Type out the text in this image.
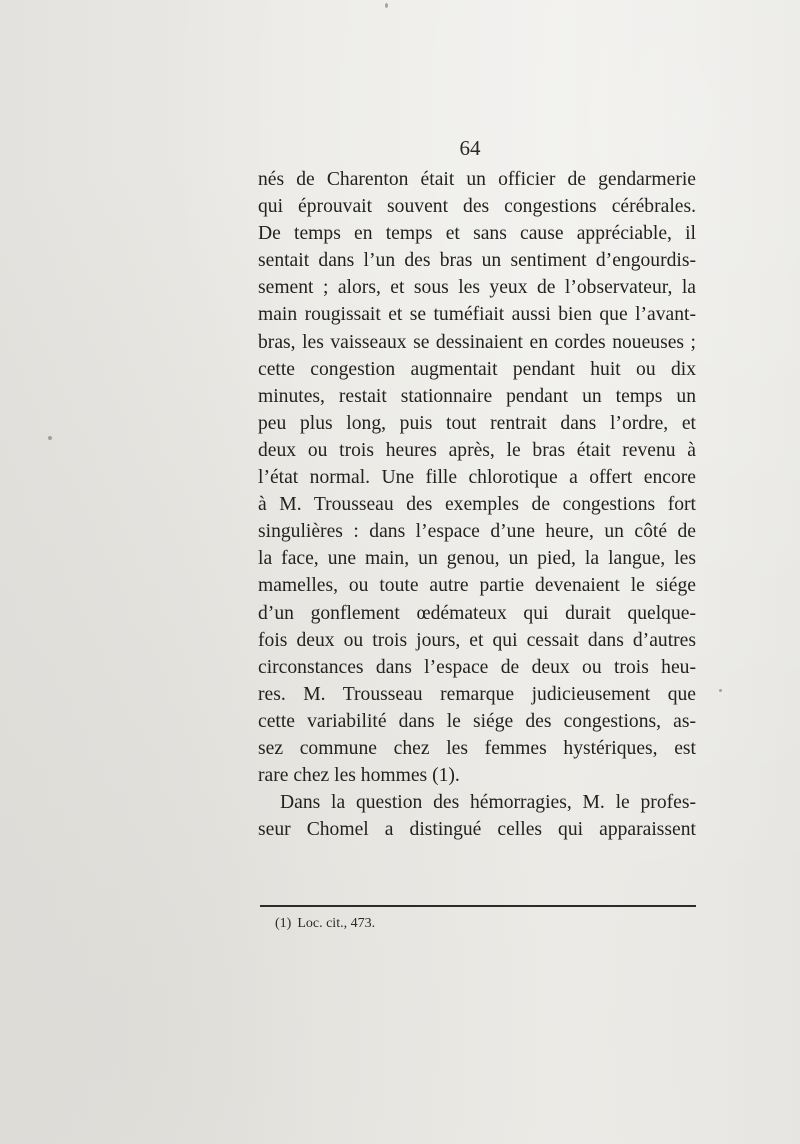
64
nés de Charenton était un officier de gendarmerie
qui éprouvait souvent des congestions cérébrales.
De temps en temps et sans cause appréciable, il
sentait dans l’un des bras un sentiment d’engourdis-
sement ; alors, et sous les yeux de l’observateur, la
main rougissait et se tuméfiait aussi bien que l’avant-
bras, les vaisseaux se dessinaient en cordes noueuses ;
cette congestion augmentait pendant huit ou dix
minutes, restait stationnaire pendant un temps un
peu plus long, puis tout rentrait dans l’ordre, et
deux ou trois heures après, le bras était revenu à
l’état normal. Une fille chlorotique a offert encore
à M. Trousseau des exemples de congestions fort
singulières : dans l’espace d’une heure, un côté de
la face, une main, un genou, un pied, la langue, les
mamelles, ou toute autre partie devenaient le siége
d’un gonflement œdémateux qui durait quelque-
fois deux ou trois jours, et qui cessait dans d’autres
circonstances dans l’espace de deux ou trois heu-
res. M. Trousseau remarque judicieusement que
cette variabilité dans le siége des congestions, as-
sez commune chez les femmes hystériques, est
rare chez les hommes (1).
Dans la question des hémorragies, M. le profes-
seur Chomel a distingué celles qui apparaissent
(1) Loc. cit., 473.
